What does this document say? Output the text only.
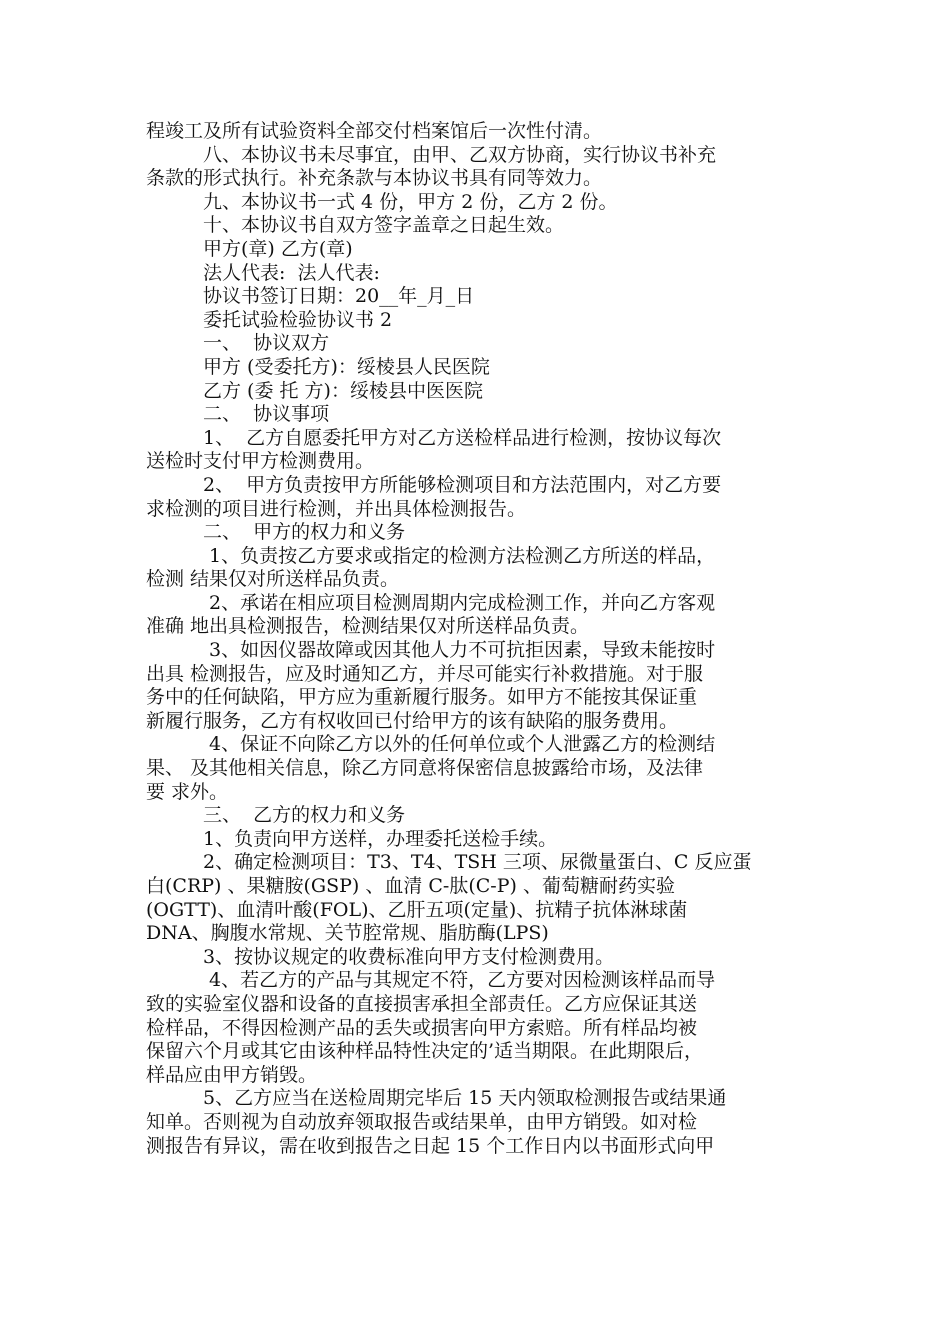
程竣工及所有试验资料全部交付档案馆后一次性付清。
八、本协议书未尽事宜，由甲、乙双方协商，实行协议书补充
条款的形式执行。补充条款与本协议书具有同等效力。
九、本协议书一式 4 份，甲方 2 份，乙方 2 份。
十、本协议书自双方签字盖章之日起生效。
甲方(章) 乙方(章)
法人代表:  法人代表:
协议书签订日期：20__年_月_日
委托试验检验协议书 2
一、  协议双方
甲方 (受委托方)：绥棱县人民医院
乙方 (委 托 方)：绥棱县中医医院
二、  协议事项
1、  乙方自愿委托甲方对乙方送检样品进行检测，按协议每次
送检时支付甲方检测费用。
2、  甲方负责按甲方所能够检测项目和方法范围内，对乙方要
求检测的项目进行检测，并出具体检测报告。
二、  甲方的权力和义务
1、负责按乙方要求或指定的检测方法检测乙方所送的样品，
检测 结果仅对所送样品负责。
2、承诺在相应项目检测周期内完成检测工作，并向乙方客观
准确 地出具检测报告，检测结果仅对所送样品负责。
3、如因仪器故障或因其他人力不可抗拒因素，导致未能按时
出具 检测报告，应及时通知乙方，并尽可能实行补救措施。对于服
务中的任何缺陷，甲方应为重新履行服务。如甲方不能按其保证重
新履行服务，乙方有权收回已付给甲方的该有缺陷的服务费用。
4、保证不向除乙方以外的任何单位或个人泄露乙方的检测结
果、 及其他相关信息，除乙方同意将保密信息披露给市场，及法律
要 求外。
三、  乙方的权力和义务
1、负责向甲方送样，办理委托送检手续。
2、确定检测项目：T3、T4、TSH 三项、尿微量蛋白、C 反应蛋
白(CRP) 、果糖胺(GSP) 、血清 C-肽(C-P) 、葡萄糖耐药实验
(OGTT)、血清叶酸(FOL)、乙肝五项(定量)、抗精子抗体淋球菌
DNA、胸腹水常规、关节腔常规、脂肪酶(LPS)
3、按协议规定的收费标准向甲方支付检测费用。
4、若乙方的产品与其规定不符，乙方要对因检测该样品而导
致的实验室仪器和设备的直接损害承担全部责任。乙方应保证其送
检样品，不得因检测产品的丢失或损害向甲方索赔。所有样品均被
保留六个月或其它由该种样品特性决定的’适当期限。在此期限后，
样品应由甲方销毁。
5、乙方应当在送检周期完毕后 15 天内领取检测报告或结果通
知单。否则视为自动放弃领取报告或结果单，由甲方销毁。如对检
测报告有异议，需在收到报告之日起 15 个工作日内以书面形式向甲
